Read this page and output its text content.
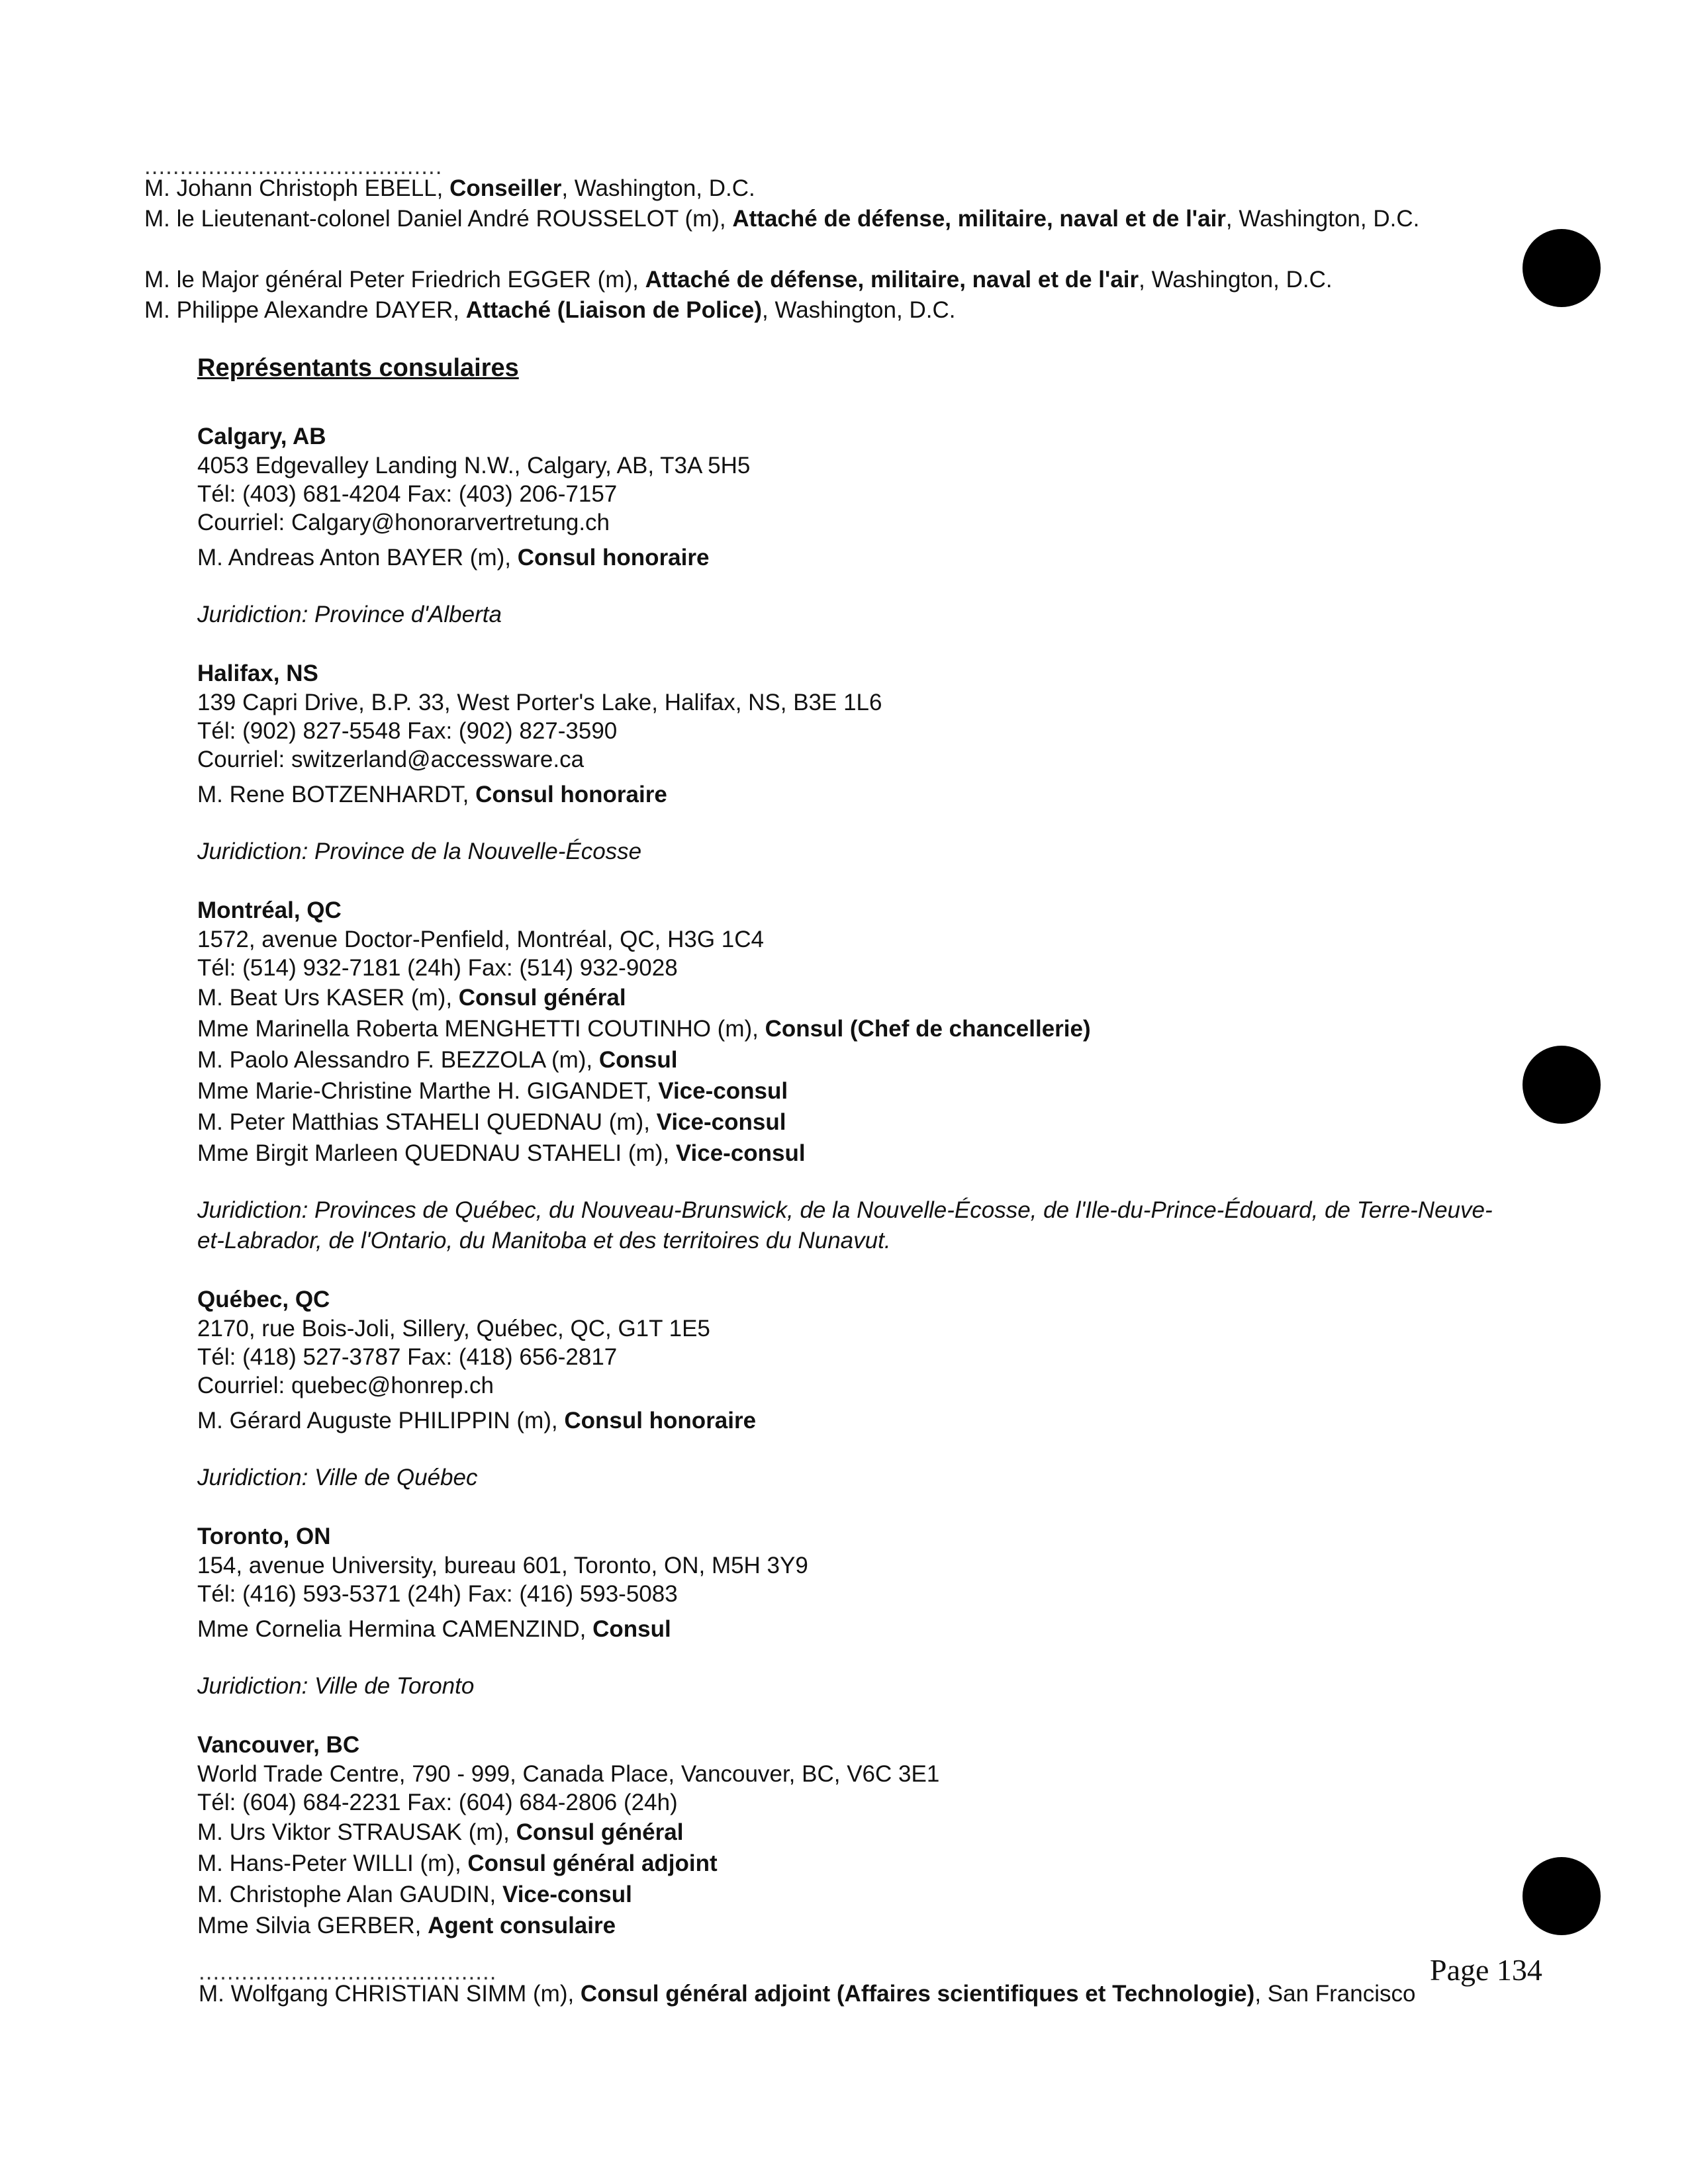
..........................................
M. Johann Christoph EBELL, Conseiller, Washington, D.C.
M. le Lieutenant-colonel Daniel André ROUSSELOT (m), Attaché de défense, militaire, naval et de l'air, Washington, D.C.
M. le Major général Peter Friedrich EGGER (m), Attaché de défense, militaire, naval et de l'air, Washington, D.C.
M. Philippe Alexandre DAYER, Attaché (Liaison de Police), Washington, D.C.
Représentants consulaires
Calgary, AB
4053 Edgevalley Landing N.W., Calgary, AB, T3A 5H5
Tél: (403) 681-4204 Fax: (403) 206-7157
Courriel: Calgary@honorarvertretung.ch
M. Andreas Anton BAYER (m), Consul honoraire
Juridiction: Province d'Alberta
Halifax, NS
139 Capri Drive, B.P. 33, West Porter's Lake, Halifax, NS, B3E 1L6
Tél: (902) 827-5548 Fax: (902) 827-3590
Courriel: switzerland@accessware.ca
M. Rene BOTZENHARDT, Consul honoraire
Juridiction: Province de la Nouvelle-Écosse
Montréal, QC
1572, avenue Doctor-Penfield, Montréal, QC, H3G 1C4
Tél: (514) 932-7181 (24h) Fax: (514) 932-9028
M. Beat Urs KASER (m), Consul général
Mme Marinella Roberta MENGHETTI COUTINHO (m), Consul (Chef de chancellerie)
M. Paolo Alessandro F. BEZZOLA (m), Consul
Mme Marie-Christine Marthe H. GIGANDET, Vice-consul
M. Peter Matthias STAHELI QUEDNAU (m), Vice-consul
Mme Birgit Marleen QUEDNAU STAHELI (m), Vice-consul
Juridiction: Provinces de Québec, du Nouveau-Brunswick, de la Nouvelle-Écosse, de l'Ile-du-Prince-Édouard, de Terre-Neuve-et-Labrador, de l'Ontario, du Manitoba et des territoires du Nunavut.
Québec, QC
2170, rue Bois-Joli, Sillery, Québec, QC, G1T 1E5
Tél: (418) 527-3787 Fax: (418) 656-2817
Courriel: quebec@honrep.ch
M. Gérard Auguste PHILIPPIN (m), Consul honoraire
Juridiction: Ville de Québec
Toronto, ON
154, avenue University, bureau 601, Toronto, ON, M5H 3Y9
Tél: (416) 593-5371 (24h) Fax: (416) 593-5083
Mme Cornelia Hermina CAMENZIND, Consul
Juridiction: Ville de Toronto
Vancouver, BC
World Trade Centre, 790 - 999, Canada Place, Vancouver, BC, V6C 3E1
Tél: (604) 684-2231 Fax: (604) 684-2806 (24h)
M. Urs Viktor STRAUSAK (m), Consul général
M. Hans-Peter WILLI (m), Consul général adjoint
M. Christophe Alan GAUDIN, Vice-consul
Mme Silvia GERBER, Agent consulaire
..........................................
M. Wolfgang CHRISTIAN SIMM (m), Consul général adjoint (Affaires scientifiques et Technologie), San Francisco
Page 134
